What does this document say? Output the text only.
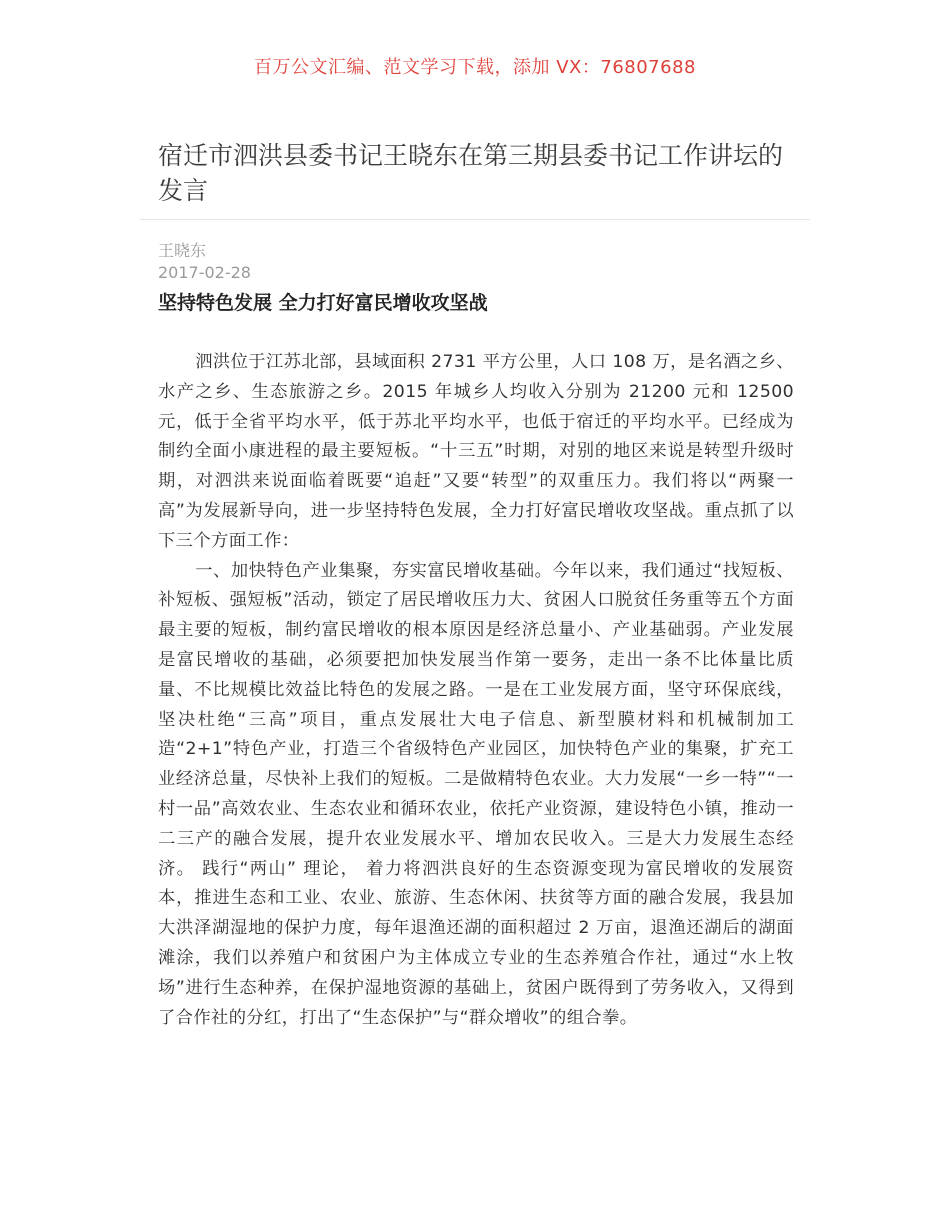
百万公文汇编、范文学习下载，添加 VX：76807688
宿迁市泗洪县委书记王晓东在第三期县委书记工作讲坛的发言
王晓东
2017-02-28
坚持特色发展 全力打好富民增收攻坚战

泗洪位于江苏北部，县域面积 2731 平方公里，人口 108 万，是名酒之乡、水产之乡、生态旅游之乡。2015 年城乡人均收入分别为 21200 元和 12500 元，低于全省平均水平，低于苏北平均水平，也低于宿迁的平均水平。已经成为制约全面小康进程的最主要短板。“十三五”时期，对别的地区来说是转型升级时期，对泗洪来说面临着既要“追赶”又要“转型”的双重压力。我们将以“两聚一高”为发展新导向，进一步坚持特色发展，全力打好富民增收攻坚战。重点抓了以下三个方面工作：

一、加快特色产业集聚，夯实富民增收基础。今年以来，我们通过“找短板、补短板、强短板”活动，锁定了居民增收压力大、贫困人口脱贫任务重等五个方面最主要的短板，制约富民增收的根本原因是经济总量小、产业基础弱。产业发展是富民增收的基础，必须要把加快发展当作第一要务，走出一条不比体量比质量、不比规模比效益比特色的发展之路。一是在工业发展方面，坚守环保底线，坚决杜绝“三高”项目，重点发展壮大电子信息、新型膜材料和机械制加工造“2+1”特色产业，打造三个省级特色产业园区，加快特色产业的集聚，扩充工业经济总量，尽快补上我们的短板。二是做精特色农业。大力发展“一乡一特”“一村一品”高效农业、生态农业和循环农业，依托产业资源，建设特色小镇，推动一二三产的融合发展，提升农业发展水平、增加农民收入。三是大力发展生态经济。 践行“两山” 理论， 着力将泗洪良好的生态资源变现为富民增收的发展资本，推进生态和工业、农业、旅游、生态休闲、扶贫等方面的融合发展，我县加大洪泽湖湿地的保护力度，每年退渔还湖的面积超过 2 万亩，退渔还湖后的湖面滩涂，我们以养殖户和贫困户为主体成立专业的生态养殖合作社，通过“水上牧场”进行生态种养，在保护湿地资源的基础上，贫困户既得到了劳务收入，又得到了合作社的分红，打出了“生态保护”与“群众增收”的组合拳。
